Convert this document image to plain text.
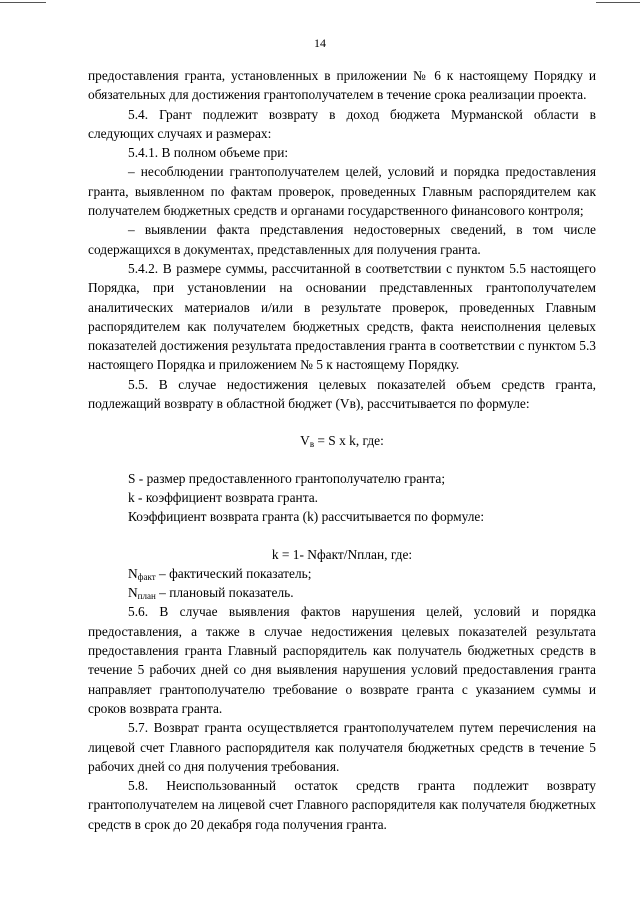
14

предоставления гранта, установленных в приложении № 6 к настоящему Порядку и обязательных для достижения грантополучателем в течение срока реализации проекта.

5.4. Грант подлежит возврату в доход бюджета Мурманской области в следующих случаях и размерах:

5.4.1. В полном объеме при:

– несоблюдении грантополучателем целей, условий и порядка предоставления гранта, выявленном по фактам проверок, проведенных Главным распорядителем как получателем бюджетных средств и органами государственного финансового контроля;

– выявлении факта представления недостоверных сведений, в том числе содержащихся в документах, представленных для получения гранта.

5.4.2. В размере суммы, рассчитанной в соответствии с пунктом 5.5 настоящего Порядка, при установлении на основании представленных грантополучателем аналитических материалов и/или в результате проверок, проведенных Главным распорядителем как получателем бюджетных средств, факта неисполнения целевых показателей достижения результата предоставления гранта в соответствии с пунктом 5.3 настоящего Порядка и приложением № 5 к настоящему Порядку.

5.5. В случае недостижения целевых показателей объем средств гранта, подлежащий возврату в областной бюджет (Vв), рассчитывается по формуле:

$V_в = S$ x k, где:

S - размер предоставленного грантополучателю гранта;

k - коэффициент возврата гранта.

Коэффициент возврата гранта (k) рассчитывается по формуле:

k = 1- Nфакт/Nплан, где:

$N_{факт}$ – фактический показатель;

$N_{план}$ – плановый показатель.

5.6. В случае выявления фактов нарушения целей, условий и порядка предоставления, а также в случае недостижения целевых показателей результата предоставления гранта Главный распорядитель как получатель бюджетных средств в течение 5 рабочих дней со дня выявления нарушения условий предоставления гранта направляет грантополучателю требование о возврате гранта с указанием суммы и сроков возврата гранта.

5.7. Возврат гранта осуществляется грантополучателем путем перечисления на лицевой счет Главного распорядителя как получателя бюджетных средств в течение 5 рабочих дней со дня получения требования.

5.8. Неиспользованный остаток средств гранта подлежит возврату грантополучателем на лицевой счет Главного распорядителя как получателя бюджетных средств в срок до 20 декабря года получения гранта.
